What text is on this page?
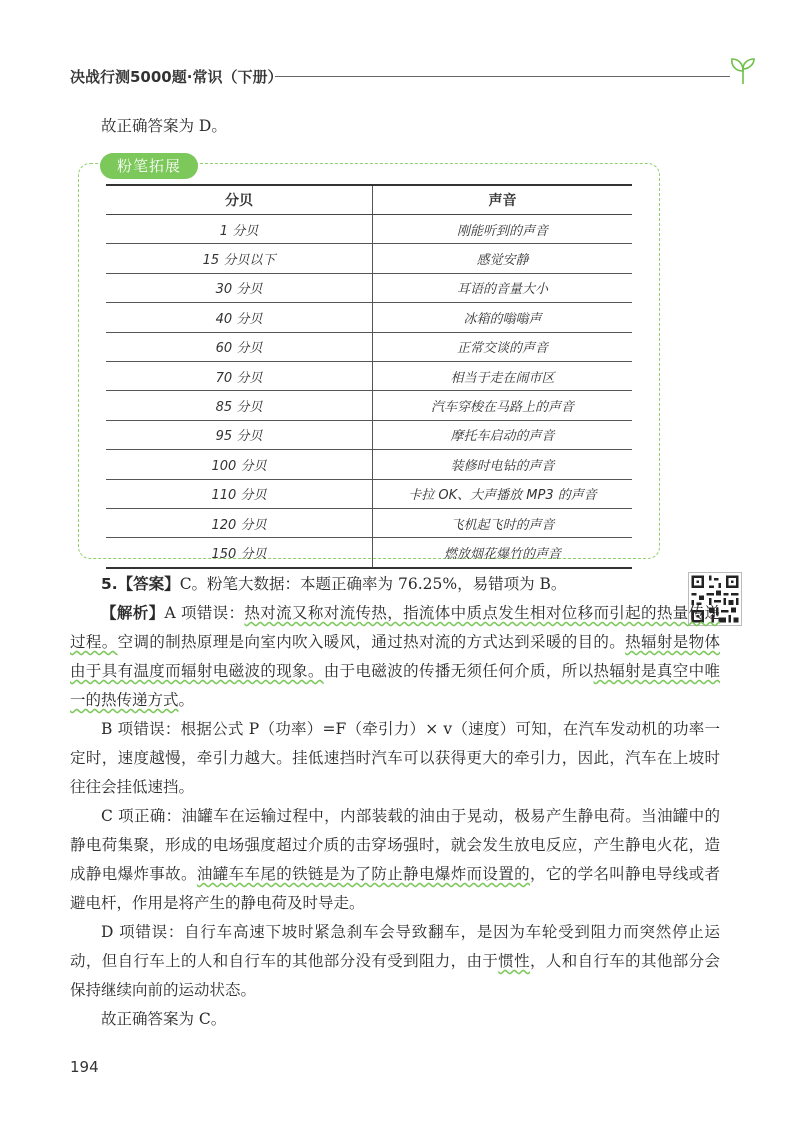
决战行测5000题·常识（下册）
故正确答案为 D。
粉笔拓展
分贝	声音
1 分贝	刚能听到的声音
15 分贝以下	感觉安静
30 分贝	耳语的音量大小
40 分贝	冰箱的嗡嗡声
60 分贝	正常交谈的声音
70 分贝	相当于走在闹市区
85 分贝	汽车穿梭在马路上的声音
95 分贝	摩托车启动的声音
100 分贝	装修时电钻的声音
110 分贝	卡拉 OK、大声播放 MP3 的声音
120 分贝	飞机起飞时的声音
150 分贝	燃放烟花爆竹的声音
5.【答案】C。粉笔大数据：本题正确率为 76.25%，易错项为 B。
【解析】A 项错误：热对流又称对流传热，指流体中质点发生相对位移而引起的热量传递过程。空调的制热原理是向室内吹入暖风，通过热对流的方式达到采暖的目的。热辐射是物体由于具有温度而辐射电磁波的现象。由于电磁波的传播无须任何介质，所以热辐射是真空中唯一的热传递方式。
B 项错误：根据公式 P（功率）=F（牵引力）× v（速度）可知，在汽车发动机的功率一定时，速度越慢，牵引力越大。挂低速挡时汽车可以获得更大的牵引力，因此，汽车在上坡时往往会挂低速挡。
C 项正确：油罐车在运输过程中，内部装载的油由于晃动，极易产生静电荷。当油罐中的静电荷集聚，形成的电场强度超过介质的击穿场强时，就会发生放电反应，产生静电火花，造成静电爆炸事故。油罐车车尾的铁链是为了防止静电爆炸而设置的，它的学名叫静电导线或者避电杆，作用是将产生的静电荷及时导走。
D 项错误：自行车高速下坡时紧急刹车会导致翻车，是因为车轮受到阻力而突然停止运动，但自行车上的人和自行车的其他部分没有受到阻力，由于惯性，人和自行车的其他部分会保持继续向前的运动状态。
故正确答案为 C。
194
